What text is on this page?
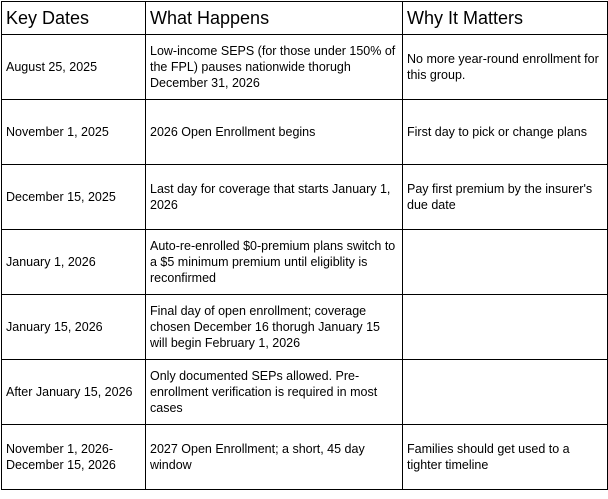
Key Dates	What Happens	Why It Matters
August 25, 2025	Low-income SEPS (for those under 150% of the FPL) pauses nationwide thorugh December 31, 2026	No more year-round enrollment for this group.
November 1, 2025	2026 Open Enrollment begins	First day to pick or change plans
December 15, 2025	Last day for coverage that starts January 1, 2026	Pay first premium by the insurer's due date
January 1, 2026	Auto-re-enrolled $0-premium plans switch to a $5 minimum premium until eligiblity is reconfirmed	
January 15, 2026	Final day of open enrollment; coverage chosen December 16 thorugh January 15 will begin February 1, 2026	
After January 15, 2026	Only documented SEPs allowed. Pre-enrollment verification is required in most cases	
November 1, 2026- December 15, 2026	2027 Open Enrollment; a short, 45 day window	Families should get used to a tighter timeline
